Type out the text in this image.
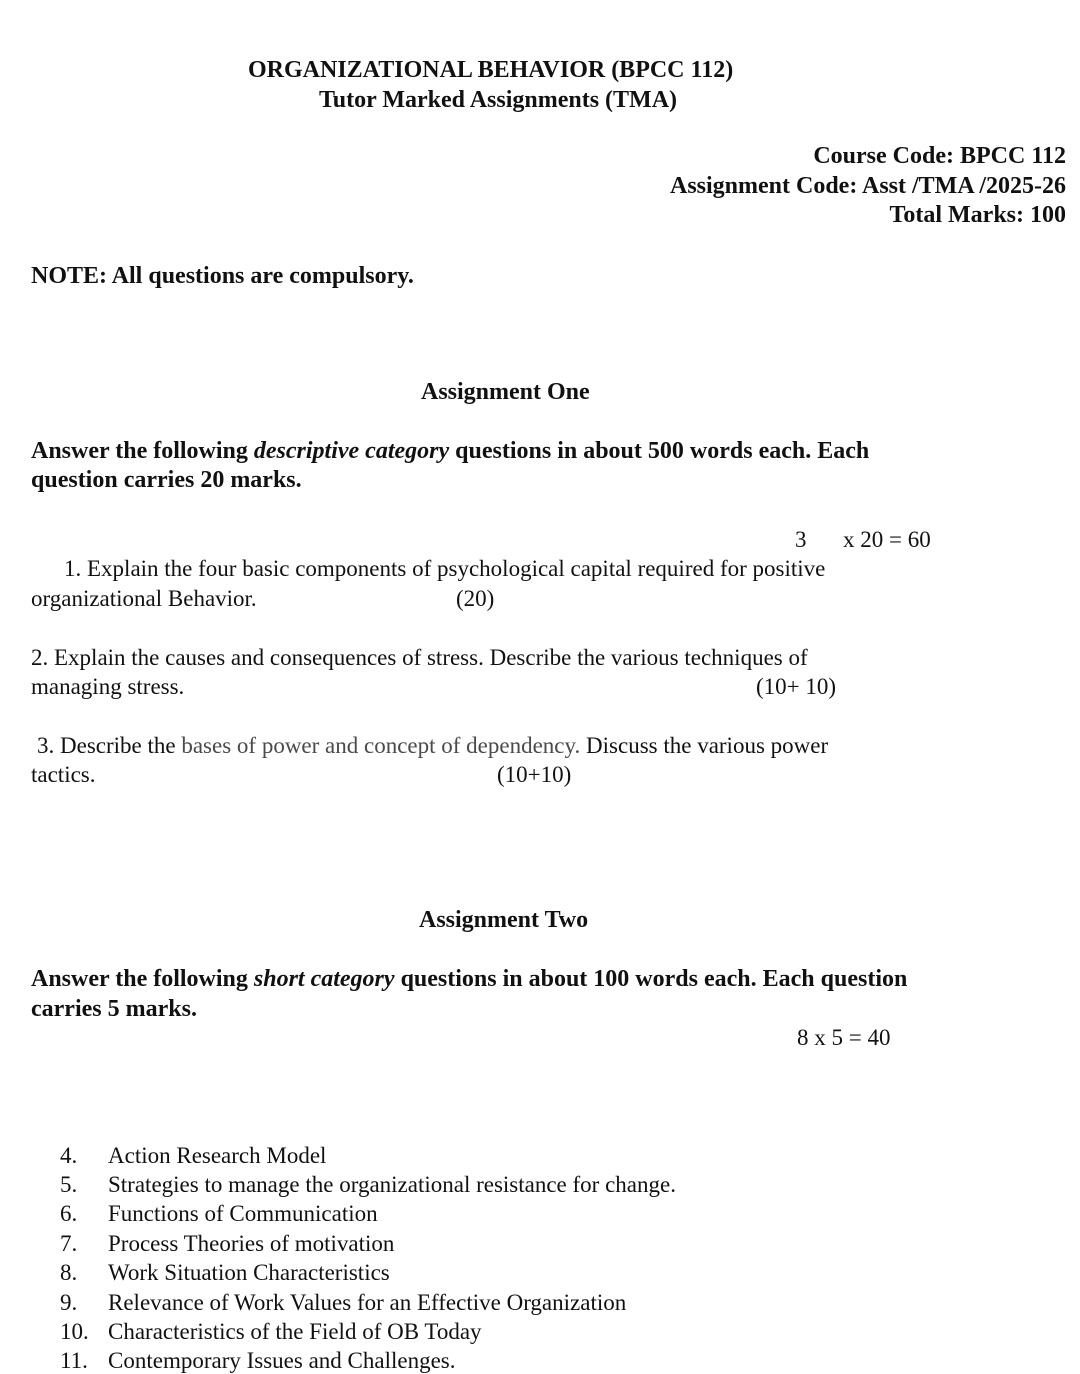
ORGANIZATIONAL BEHAVIOR (BPCC 112)
Tutor Marked Assignments (TMA)
Course Code: BPCC 112
Assignment Code: Asst /TMA /2025-26
Total Marks: 100
NOTE: All questions are compulsory.
Assignment One
Answer the following descriptive category questions in about 500 words each. Each
question carries 20 marks.
3 x 20 = 60
1. Explain the four basic components of psychological capital required for positive
organizational Behavior.	(20)
2. Explain the causes and consequences of stress. Describe the various techniques of
managing stress.	(10+ 10)
3. Describe the bases of power and concept of dependency. Discuss the various power
tactics.	(10+10)
Assignment Two
Answer the following short category questions in about 100 words each. Each question
carries 5 marks.
8 x 5 = 40
4. Action Research Model
5. Strategies to manage the organizational resistance for change.
6. Functions of Communication
7. Process Theories of motivation
8. Work Situation Characteristics
9. Relevance of Work Values for an Effective Organization
10. Characteristics of the Field of OB Today
11. Contemporary Issues and Challenges.
